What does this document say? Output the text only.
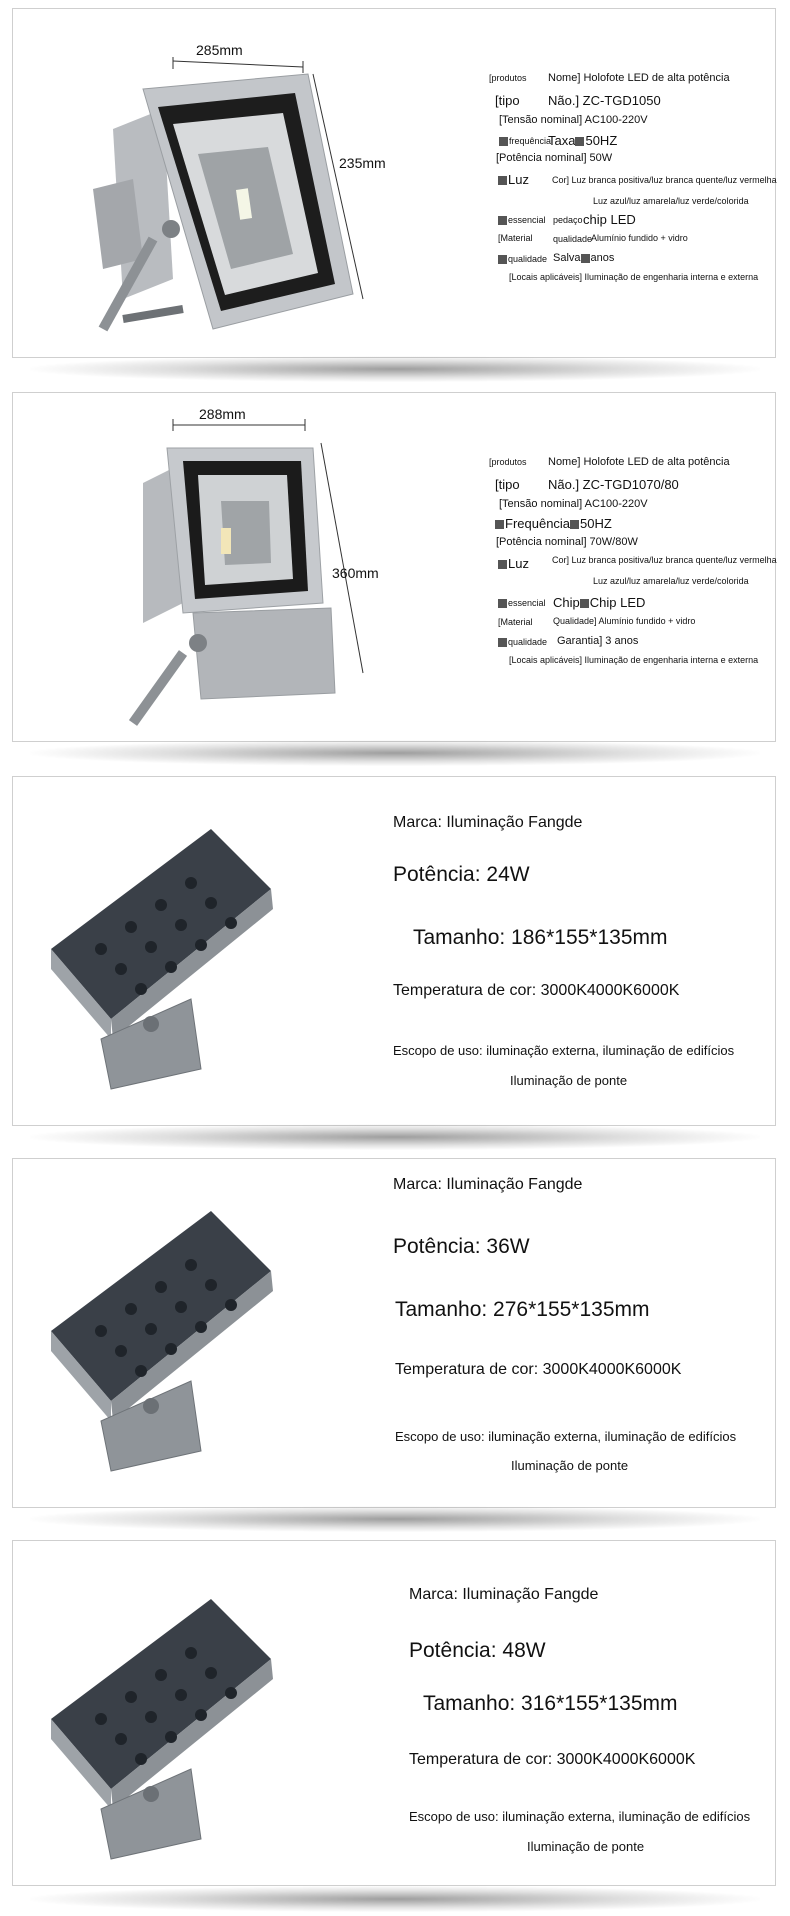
285mm
235mm
[produtos Nome] Holofote LED de alta potência
[tipo Não.] ZC-TGD1050
[Tensão nominal] AC100-220V
frequência
Taxa 50HZ
[Potência nominal] 50W
Luz	Cor] Luz branca positiva/luz branca quente/luz vermelha
Luz azul/luz amarela/luz verde/colorida
essencial pedaço chip LED
[Material qualidade
Alumínio fundido + vidro
qualidade Salva anos
[Locais aplicáveis] Iluminação de engenharia interna e externa
288mm
360mm
[produtos Nome] Holofote LED de alta potência
[tipo Não.] ZC-TGD1070/80
[Tensão nominal] AC100-220V
Frequência 50HZ
[Potência nominal] 70W/80W
Luz	Cor] Luz branca positiva/luz branca quente/luz vermelha
Luz azul/luz amarela/luz verde/colorida
essencial Chip Chip LED
[Material Qualidade] Alumínio fundido + vidro
qualidade Garantia] 3 anos
[Locais aplicáveis] Iluminação de engenharia interna e externa
Marca: Iluminação Fangde
Potência: 24W
Tamanho: 186*155*135mm
Temperatura de cor: 3000K4000K6000K
Escopo de uso: iluminação externa, iluminação de edifícios
Iluminação de ponte
Marca: Iluminação Fangde
Potência: 36W
Tamanho: 276*155*135mm
Temperatura de cor: 3000K4000K6000K
Escopo de uso: iluminação externa, iluminação de edifícios
Iluminação de ponte
Marca: Iluminação Fangde
Potência: 48W
Tamanho: 316*155*135mm
Temperatura de cor: 3000K4000K6000K
Escopo de uso: iluminação externa, iluminação de edifícios
Iluminação de ponte
